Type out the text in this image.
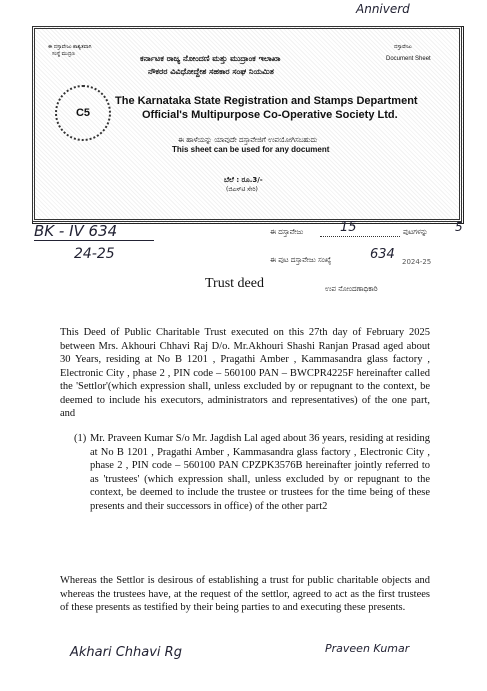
Anniverd
ಈ ದಸ್ತಾವೇಜು ಶಾಶ್ವತವಾಗಿ
ಸಂಸ್ಥೆ ಮುದ್ರಣ
ದಸ್ತಾವೇಜು
Document Sheet
ಕರ್ನಾಟಕ ರಾಜ್ಯ ನೋಂದಣಿ ಮತ್ತು ಮುದ್ರಾಂಕ ಇಲಾಖಾ
ನೌಕರರ ವಿವಿಧೋದ್ದೇಶ ಸಹಕಾರ ಸಂಘ ನಿಯಮಿತ
C5
The Karnataka State Registration and Stamps Department
Official's Multipurpose Co-Operative Society Ltd.
ಈ ಹಾಳೆಯನ್ನು ಯಾವುದೇ ದಸ್ತಾವೇಜಿಗೆ ಉಪಯೋಗಿಸಬಹುದು
This sheet can be used for any document
ಬೆಲೆ : ರೂ.3/-
(ಜಿಎಸ್‌ಟಿ ಸೇರಿ)
BK - IV 634
24-25
ಈ ದಸ್ತಾವೇಜು	15	ಪುಟಗಳನ್ನು 5
ಈ ಪುಟ ದಸ್ತಾವೇಜು ಸಂಖ್ಯೆ	634 2024-25
ಉಪ ನೋಂದಣಾಧಿಕಾರಿ
Trust deed
This Deed of Public Charitable Trust executed on this 27th day of February 2025 between Mrs. Akhouri Chhavi Raj D/o. Mr.Akhouri Shashi Ranjan Prasad aged about 30 Years, residing at No B 1201 , Pragathi Amber , Kammasandra glass factory , Electronic City , phase 2 , PIN code – 560100 PAN – BWCPR4225F hereinafter called the 'Settlor'(which expression shall, unless excluded by or repugnant to the context, be deemed to include his executors, administrators and representatives) of the one part, and
(1) Mr. Praveen Kumar S/o Mr. Jagdish Lal aged about 36 years, residing at residing at No B 1201 , Pragathi Amber , Kammasandra glass factory , Electronic City , phase 2 , PIN code – 560100 PAN CPZPK3576B hereinafter jointly referred to as 'trustees' (which expression shall, unless excluded by or repugnant to the context, be deemed to include the trustee or trustees for the time being of these presents and their successors in office) of the other part2
Whereas the Settlor is desirous of establishing a trust for public charitable objects and whereas the trustees have, at the request of the settlor, agreed to act as the first trustees of these presents as testified by their being parties to and executing these presents.
Akhari Chhavi Rg	Praveen Kumar
